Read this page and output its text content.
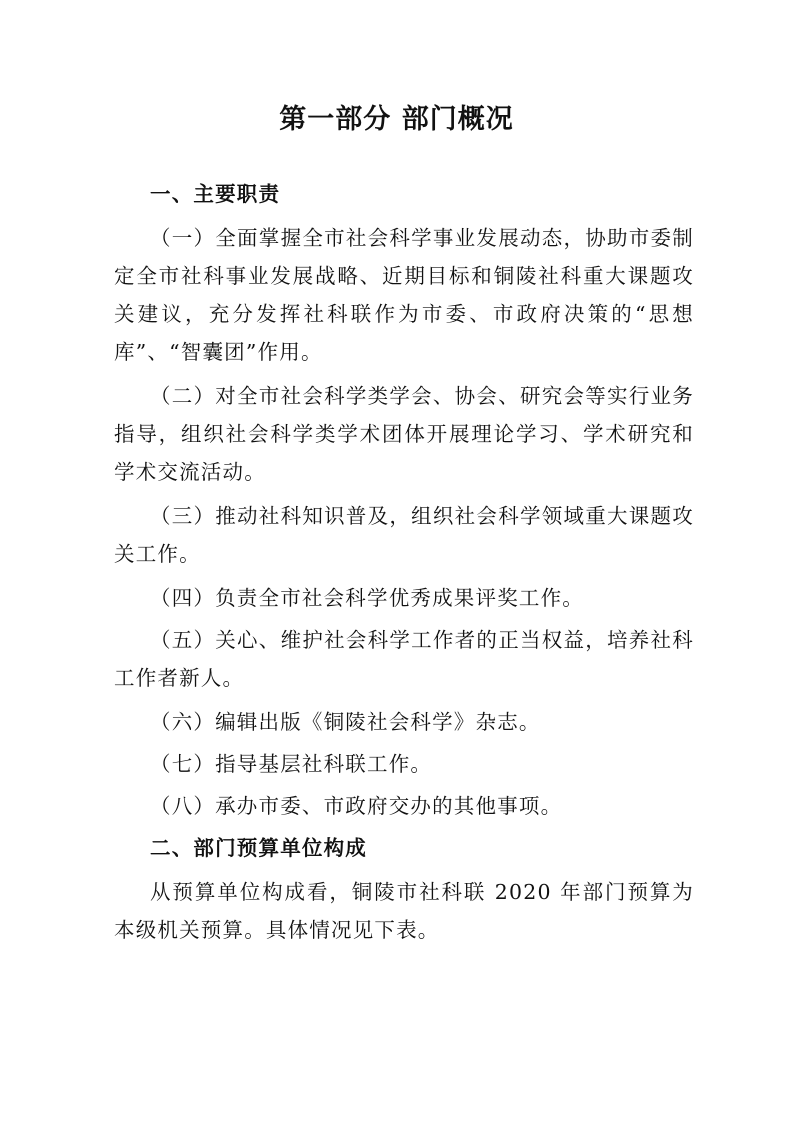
第一部分 部门概况
一、主要职责
（一）全面掌握全市社会科学事业发展动态，协助市委制定全市社科事业发展战略、近期目标和铜陵社科重大课题攻关建议，充分发挥社科联作为市委、市政府决策的“思想库”、“智囊团”作用。
（二）对全市社会科学类学会、协会、研究会等实行业务指导，组织社会科学类学术团体开展理论学习、学术研究和学术交流活动。
（三）推动社科知识普及，组织社会科学领域重大课题攻关工作。
（四）负责全市社会科学优秀成果评奖工作。
（五）关心、维护社会科学工作者的正当权益，培养社科工作者新人。
（六）编辑出版《铜陵社会科学》杂志。
（七）指导基层社科联工作。
（八）承办市委、市政府交办的其他事项。
二、部门预算单位构成
从预算单位构成看，铜陵市社科联 2020 年部门预算为本级机关预算。具体情况见下表。
